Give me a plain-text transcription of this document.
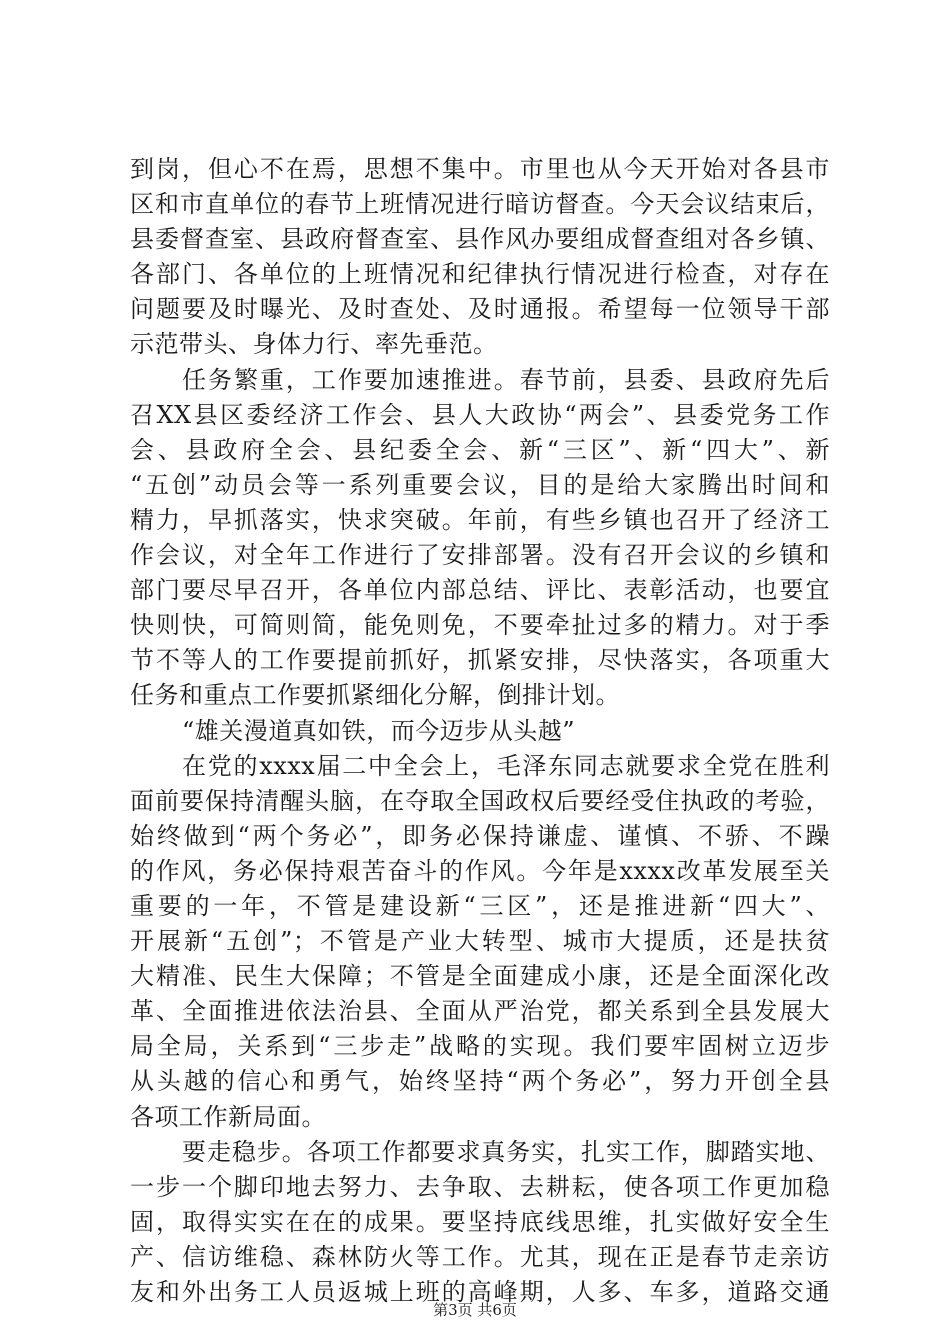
到岗，但心不在焉，思想不集中。市里也从今天开始对各县市
区和市直单位的春节上班情况进行暗访督查。今天会议结束后，
县委督查室、县政府督查室、县作风办要组成督查组对各乡镇、
各部门、各单位的上班情况和纪律执行情况进行检查，对存在
问题要及时曝光、及时查处、及时通报。希望每一位领导干部
示范带头、身体力行、率先垂范。
任务繁重，工作要加速推进。春节前，县委、县政府先后
召XX县区委经济工作会、县人大政协“两会”、县委党务工作
会、县政府全会、县纪委全会、新“三区”、新“四大”、新
“五创”动员会等一系列重要会议，目的是给大家腾出时间和
精力，早抓落实，快求突破。年前，有些乡镇也召开了经济工
作会议，对全年工作进行了安排部署。没有召开会议的乡镇和
部门要尽早召开，各单位内部总结、评比、表彰活动，也要宜
快则快，可简则简，能免则免，不要牵扯过多的精力。对于季
节不等人的工作要提前抓好，抓紧安排，尽快落实，各项重大
任务和重点工作要抓紧细化分解，倒排计划。
“雄关漫道真如铁，而今迈步从头越”
在党的xxxx届二中全会上，毛泽东同志就要求全党在胜利
面前要保持清醒头脑，在夺取全国政权后要经受住执政的考验，
始终做到“两个务必”，即务必保持谦虚、谨慎、不骄、不躁
的作风，务必保持艰苦奋斗的作风。今年是xxxx改革发展至关
重要的一年，不管是建设新“三区”，还是推进新“四大”、
开展新“五创”；不管是产业大转型、城市大提质，还是扶贫
大精准、民生大保障；不管是全面建成小康，还是全面深化改
革、全面推进依法治县、全面从严治党，都关系到全县发展大
局全局，关系到“三步走”战略的实现。我们要牢固树立迈步
从头越的信心和勇气，始终坚持“两个务必”，努力开创全县
各项工作新局面。
要走稳步。各项工作都要求真务实，扎实工作，脚踏实地、
一步一个脚印地去努力、去争取、去耕耘，使各项工作更加稳
固，取得实实在在的成果。要坚持底线思维，扎实做好安全生
产、信访维稳、森林防火等工作。尤其，现在正是春节走亲访
友和外出务工人员返城上班的高峰期，人多、车多，道路交通
第3页 共6页
